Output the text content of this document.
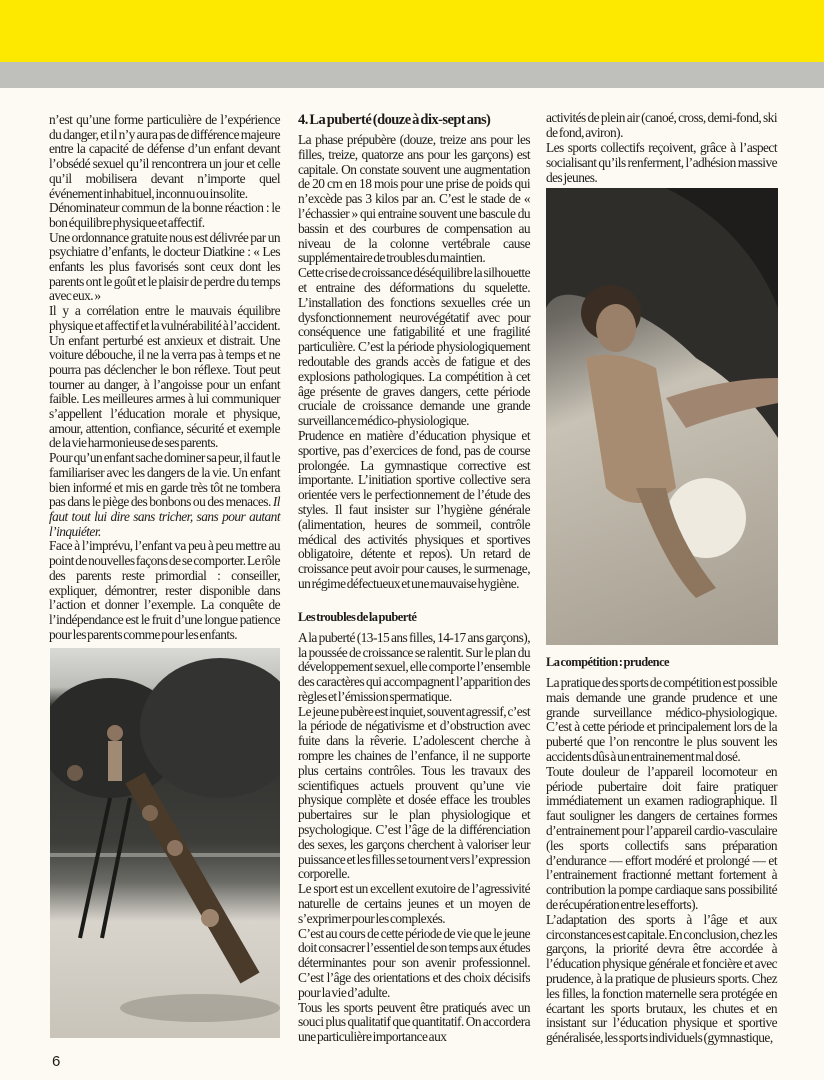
n’est qu’une forme particulière de l’expérience du danger, et il n’y aura pas de différence majeure entre la capacité de défense d’un enfant devant l’obsédé sexuel qu’il rencontrera un jour et celle qu’il mobilisera devant n’importe quel événement inhabituel, inconnu ou insolite.

Dénominateur commun de la bonne réaction : le bon équilibre physique et affectif.

Une ordonnance gratuite nous est délivrée par un psychiatre d’enfants, le docteur Diatkine : « Les enfants les plus favorisés sont ceux dont les parents ont le goût et le plaisir de perdre du temps avec eux. »

Il y a corrélation entre le mauvais équilibre physique et affectif et la vulnérabilité à l’accident. Un enfant perturbé est anxieux et distrait. Une voiture débouche, il ne la verra pas à temps et ne pourra pas déclencher le bon réflexe. Tout peut tourner au danger, à l’angoisse pour un enfant faible. Les meilleures armes à lui communiquer s’appellent l’éducation morale et physique, amour, attention, confiance, sécurité et exemple de la vie harmonieuse de ses parents.

Pour qu’un enfant sache dominer sa peur, il faut le familiariser avec les dangers de la vie. Un enfant bien informé et mis en garde très tôt ne tombera pas dans le piège des bonbons ou des menaces. Il faut tout lui dire sans tricher, sans pour autant l’inquiéter.

Face à l’imprévu, l’enfant va peu à peu mettre au point de nouvelles façons de se comporter. Le rôle des parents reste primordial : conseiller, expliquer, démontrer, rester disponible dans l’action et donner l’exemple. La conquête de l’indépendance est le fruit d’une longue patience pour les parents comme pour les enfants.

4. La puberté (douze à dix-sept ans)

La phase prépubère (douze, treize ans pour les filles, treize, quatorze ans pour les garçons) est capitale. On constate souvent une augmentation de 20 cm en 18 mois pour une prise de poids qui n’excède pas 3 kilos par an. C’est le stade de « l’échassier » qui entraine souvent une bascule du bassin et des courbures de compensation au niveau de la colonne vertébrale cause supplémentaire de troubles du maintien.

Cette crise de croissance déséquilibre la silhouette et entraine des déformations du squelette. L’installation des fonctions sexuelles crée un dysfonctionnement neurovégétatif avec pour conséquence une fatigabilité et une fragilité particulière. C’est la période physiologiquement redoutable des grands accès de fatigue et des explosions pathologiques. La compétition à cet âge présente de graves dangers, cette période cruciale de croissance demande une grande surveillance médico-physiologique.

Prudence en matière d’éducation physique et sportive, pas d’exercices de fond, pas de course prolongée. La gymnastique corrective est importante. L’initiation sportive collective sera orientée vers le perfectionnement de l’étude des styles. Il faut insister sur l’hygiène générale (alimentation, heures de sommeil, contrôle médical des activités physiques et sportives obligatoire, détente et repos). Un retard de croissance peut avoir pour causes, le surmenage, un régime défectueux et une mauvaise hygiène.

Les troubles de la puberté

A la puberté (13-15 ans filles, 14-17 ans garçons), la poussée de croissance se ralentit. Sur le plan du développement sexuel, elle comporte l’ensemble des caractères qui accompagnent l’apparition des règles et l’émission spermatique.

Le jeune pubère est inquiet, souvent agressif, c’est la période de négativisme et d’obstruction avec fuite dans la rêverie. L’adolescent cherche à rompre les chaines de l’enfance, il ne supporte plus certains contrôles. Tous les travaux des scientifiques actuels prouvent qu’une vie physique complète et dosée efface les troubles pubertaires sur le plan physiologique et psychologique. C’est l’âge de la différenciation des sexes, les garçons cherchent à valoriser leur puissance et les filles se tournent vers l’expression corporelle.

Le sport est un excellent exutoire de l’agressivité naturelle de certains jeunes et un moyen de s’exprimer pour les complexés.

C’est au cours de cette période de vie que le jeune doit consacrer l’essentiel de son temps aux études déterminantes pour son avenir professionnel. C’est l’âge des orientations et des choix décisifs pour la vie d’adulte.

Tous les sports peuvent être pratiqués avec un souci plus qualitatif que quantitatif. On accordera une particulière importance aux

activités de plein air (canoé, cross, demi-fond, ski de fond, aviron).

Les sports collectifs reçoivent, grâce à l’aspect socialisant qu’ils renferment, l’adhésion massive des jeunes.

La compétition : prudence

La pratique des sports de compétition est possible mais demande une grande prudence et une grande surveillance médico-physiologique. C’est à cette période et principalement lors de la puberté que l’on rencontre le plus souvent les accidents dûs à un entrainement mal dosé.

Toute douleur de l’appareil locomoteur en période pubertaire doit faire pratiquer immédiatement un examen radiographique. Il faut souligner les dangers de certaines formes d’entrainement pour l’appareil cardio-vasculaire (les sports collectifs sans préparation d’endurance — effort modéré et prolongé — et l’entrainement fractionné mettant fortement à contribution la pompe cardiaque sans possibilité de récupération entre les efforts).

L’adaptation des sports à l’âge et aux circonstances est capitale. En conclusion, chez les garçons, la priorité devra être accordée à l’éducation physique générale et foncière et avec prudence, à la pratique de plusieurs sports. Chez les filles, la fonction maternelle sera protégée en écartant les sports brutaux, les chutes et en insistant sur l’éducation physique et sportive généralisée, les sports individuels (gymnastique,

6
